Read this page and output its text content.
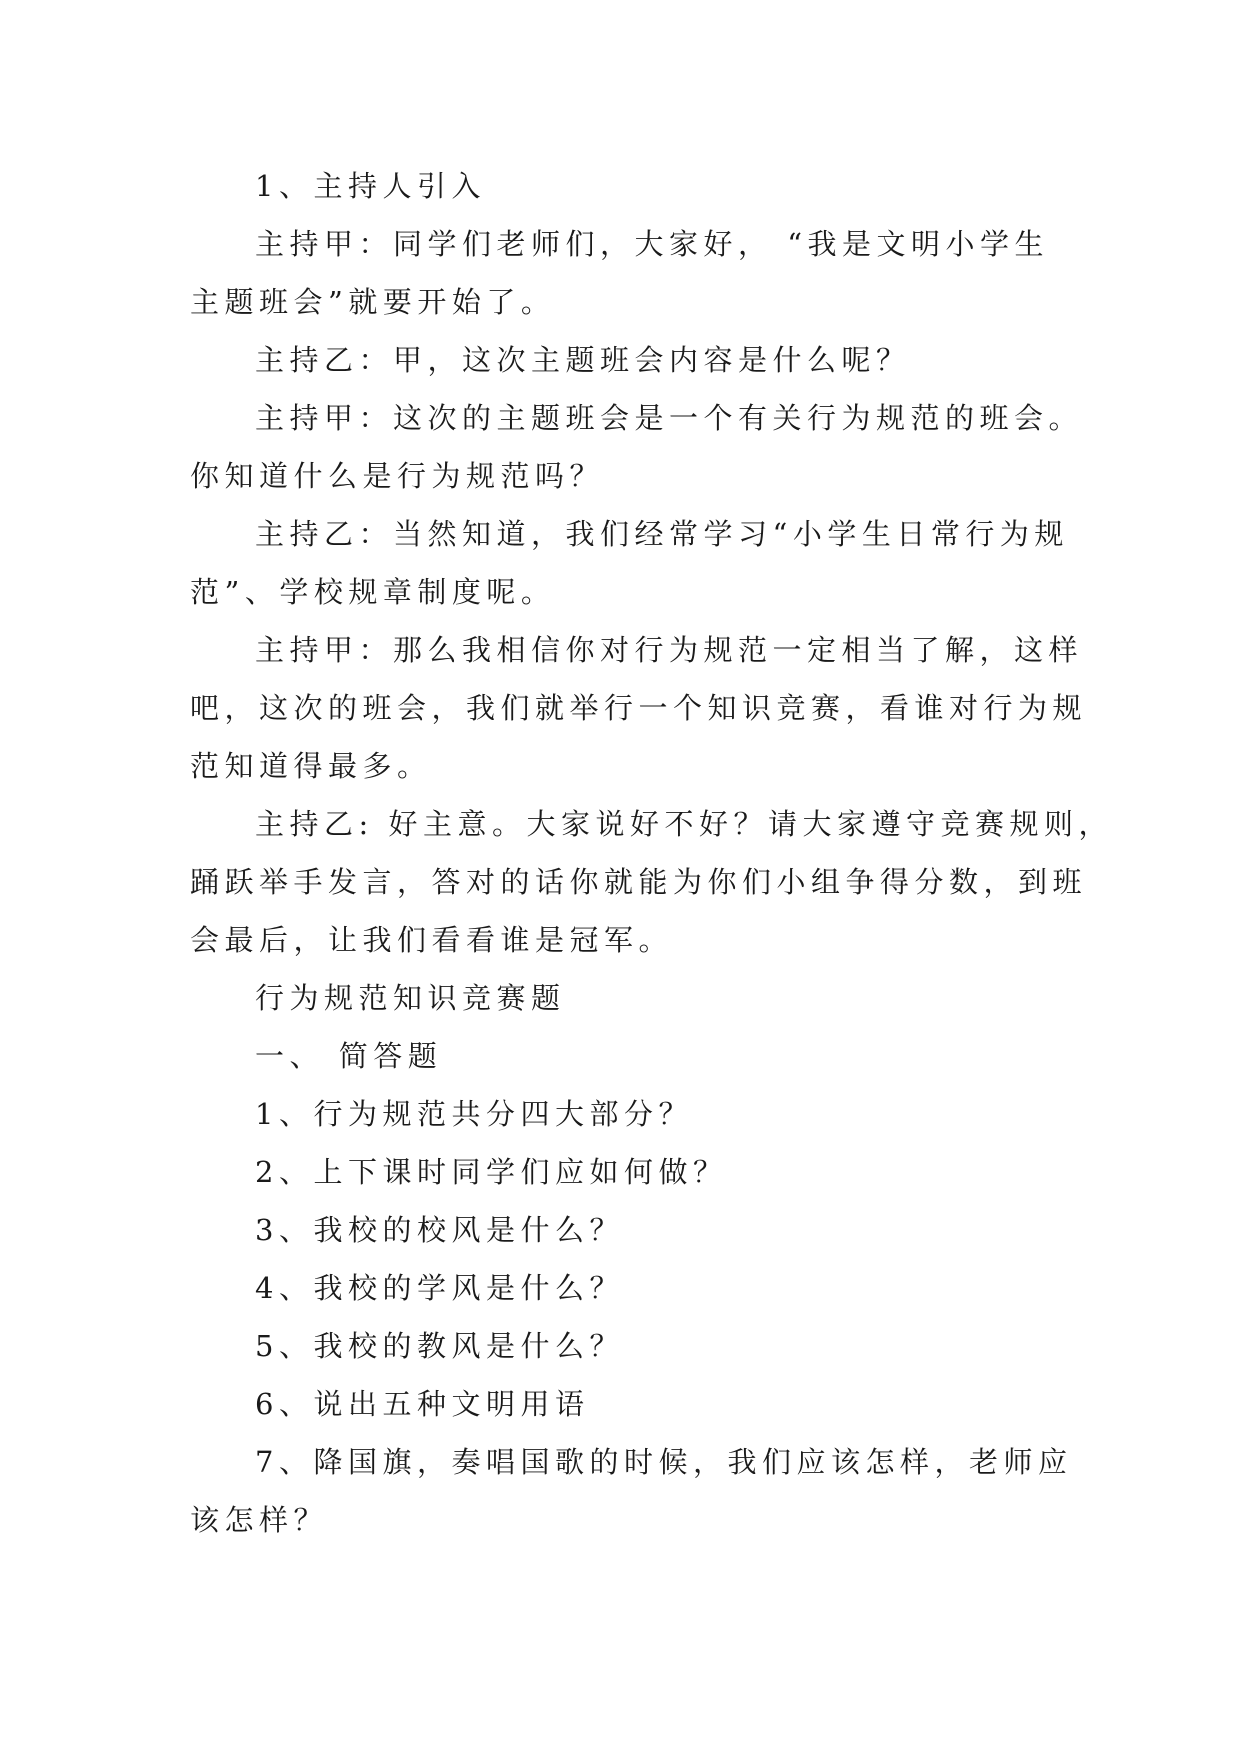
1、主持人引入
主持甲：同学们老师们，大家好， “我是文明小学生
主题班会”就要开始了。
主持乙：甲，这次主题班会内容是什么呢？
主持甲：这次的主题班会是一个有关行为规范的班会。
你知道什么是行为规范吗？
主持乙：当然知道，我们经常学习“小学生日常行为规
范”、学校规章制度呢。
主持甲：那么我相信你对行为规范一定相当了解，这样
吧，这次的班会，我们就举行一个知识竞赛，看谁对行为规
范知道得最多。
主持乙: 好主意。大家说好不好？请大家遵守竞赛规则，
踊跃举手发言，答对的话你就能为你们小组争得分数，到班
会最后，让我们看看谁是冠军。
行为规范知识竞赛题
一、 简答题
1、行为规范共分四大部分？
2、上下课时同学们应如何做？
3、我校的校风是什么？
4、我校的学风是什么？
5、我校的教风是什么？
6、说出五种文明用语
7、降国旗，奏唱国歌的时候，我们应该怎样，老师应
该怎样？
